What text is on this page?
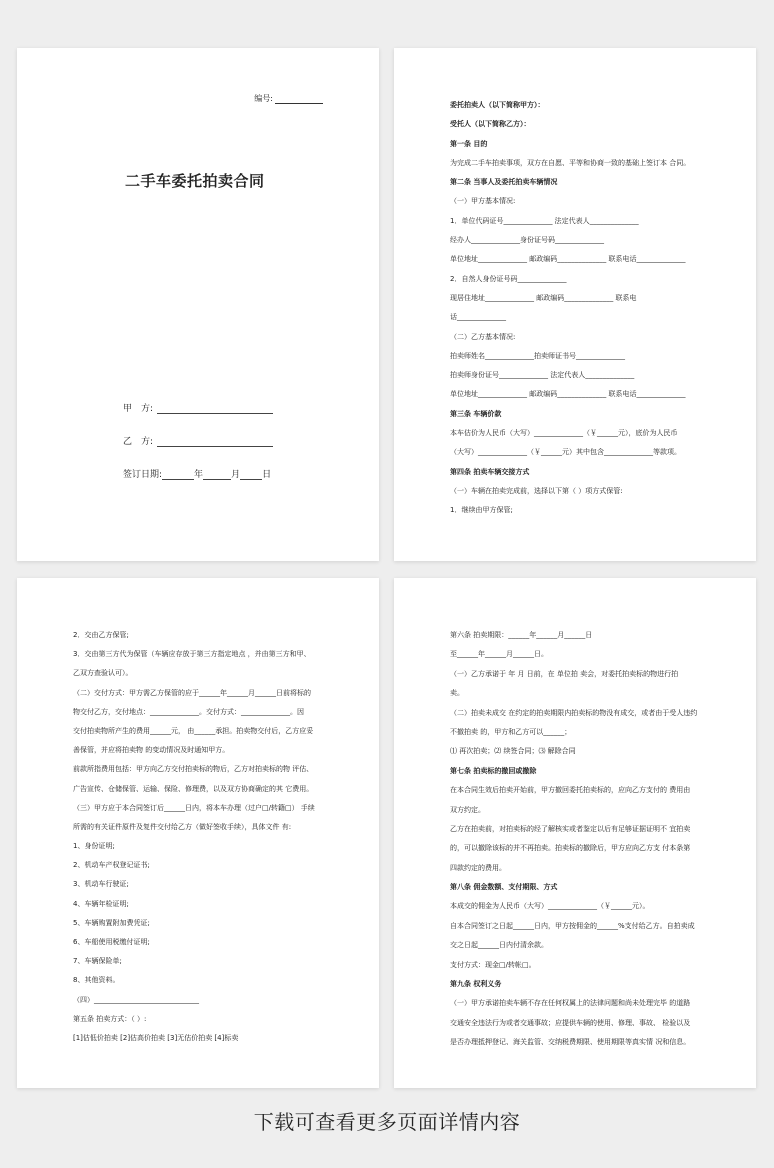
编号:
二手车委托拍卖合同
甲　方:
乙　方:
签订日期:	年	月 日
委托拍卖人（以下简称甲方）：
受托人（以下简称乙方）：
第一条 目的
为完成二手车拍卖事项，双方在自愿、平等和协商一致的基础上签订本 合同。
第二条 当事人及委托拍卖车辆情况
（一）甲方基本情况:
1．单位代码证号______________ 法定代表人______________
经办人______________身份证号码______________
单位地址______________ 邮政编码______________ 联系电话______________
2．自然人身份证号码______________
现居住地址______________ 邮政编码______________ 联系电
话______________
（二）乙方基本情况:
拍卖师姓名______________拍卖师证书号______________
拍卖师身份证号______________ 法定代表人______________
单位地址______________ 邮政编码______________ 联系电话______________
第三条 车辆价款
本车估价为人民币（大写）______________（￥______元），底价为人民币
（大写）______________（￥______元）其中包含______________等款项。
第四条 拍卖车辆交接方式
（一）车辆在拍卖完成前，选择以下第（ ）项方式保管:
1．继续由甲方保管;
2．交由乙方保管;
3．交由第三方代为保管（车辆应存放于第三方指定地点 ，并由第三方和甲、
乙双方查验认可）。
（二）交付方式：甲方需乙方保管的应于______年______月______日前将标的
物交付乙方，交付地点：______________。交付方式：______________。因
交付拍卖物所产生的费用______元， 由______承担。拍卖物交付后，乙方应妥
善保管，并应将拍卖物 的变动情况及时通知甲方。
前款所指费用包括：甲方向乙方交付拍卖标的物后，乙方对拍卖标的物 评估、
广告宣传、仓储保管、运输、保险、修理费，以及双方协商确定的其 它费用。
（三）甲方应于本合同签订后______日内，将本车办理（过户□/转籍□） 手续
所需的有关证件原件及复件交付给乙方（做好签收手续），具体文件 有:
1、身份证明;
2、机动车产权登记证书;
3、机动车行驶证;
4、车辆年检证明;
5、车辆购置附加费凭证;
6、车船使用税缴付证明;
7、车辆保险单;
8、其他资料。
（四）______________________________
第五条 拍卖方式：（ ）:
[1]估低价拍卖 [2]估高价拍卖 [3]无估价拍卖 [4]标卖
第六条 拍卖期限：______年______月______日
至______年______月______日。
（一）乙方承诺于 年 月 日前，在 单位拍 卖会，对委托拍卖标的物进行拍
卖。
（二）拍卖未成交 在约定的拍卖期限内拍卖标的物没有成交，或者由于受人违约
不撤拍卖 的，甲方和乙方可以______；
⑴ 再次拍卖；⑵ 续签合同；⑶ 解除合同
第七条 拍卖标的撤回或撤除
在本合同生效后拍卖开始前，甲方撤回委托拍卖标的，应向乙方支付的 费用由
双方约定。
乙方在拍卖前，对拍卖标的经了解核实或者鉴定以后有足够证据证明不 宜拍卖
的，可以撤除该标的并不再拍卖。拍卖标的撤除后，甲方应向乙方支 付本条第
四款约定的费用。
第八条 佣金数额、支付期限、方式
本成交的佣金为人民币（大写）______________（￥______元）。
自本合同签订之日起______日内，甲方按佣金的______%支付给乙方。自拍卖成
交之日起______日内付清余款。
支付方式：现金□/转帐□。
第九条 权利义务
（一）甲方承诺拍卖车辆不存在任何权属上的法律问题和尚未处理完毕 的道路
交通安全违法行为或者交通事故；应提供车辆的使用、修理、事故、 检验以及
是否办理抵押登记、海关监管、交纳税费期限、使用期限等真实情 况和信息。
下载可查看更多页面详情内容
